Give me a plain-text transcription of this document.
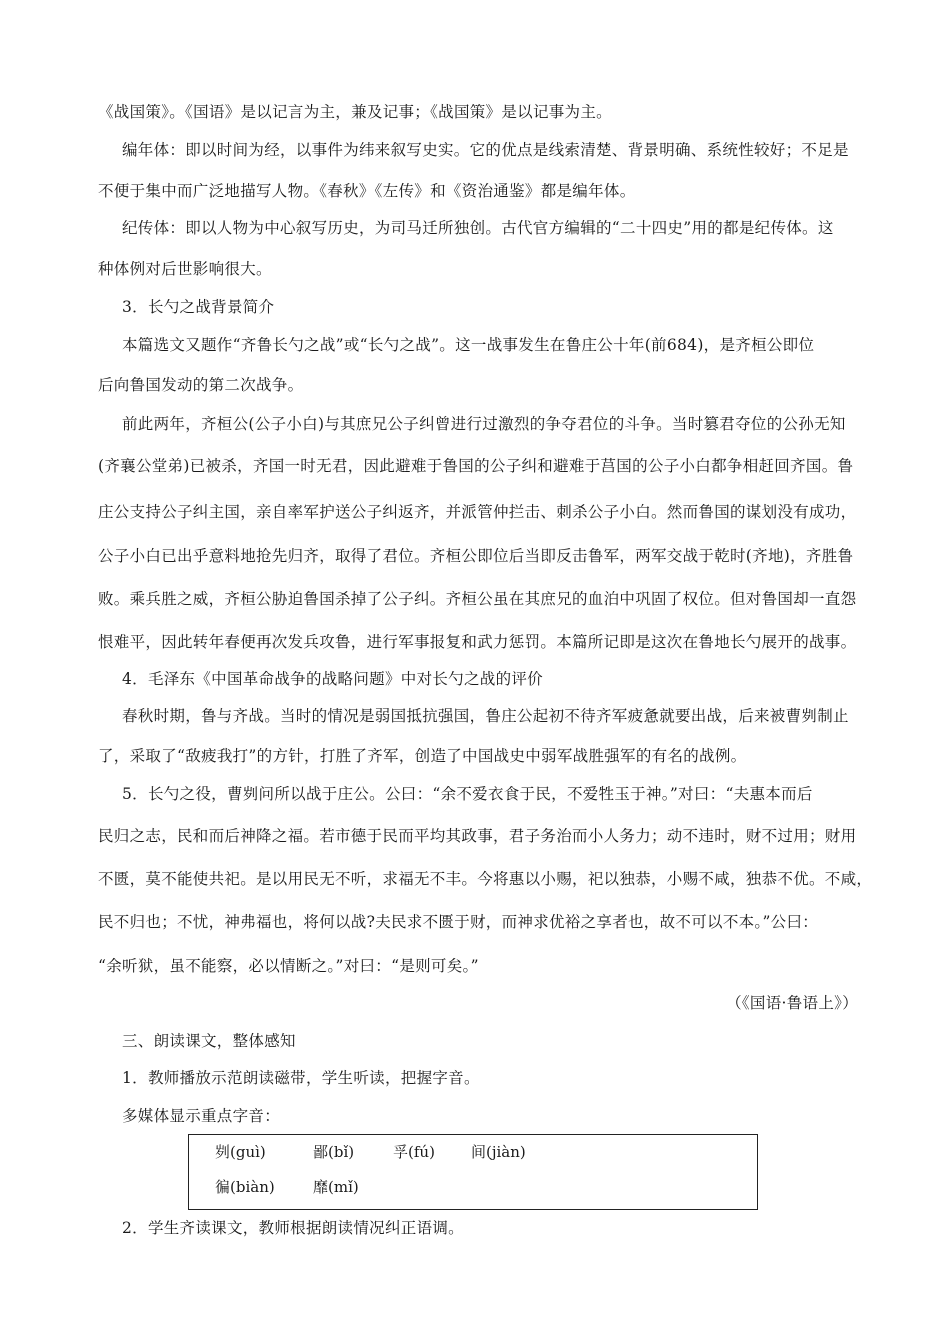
《战国策》。《国语》是以记言为主，兼及记事；《战国策》是以记事为主。
编年体：即以时间为经，以事件为纬来叙写史实。它的优点是线索清楚、背景明确、系统性较好；不足是
不便于集中而广泛地描写人物。《春秋》《左传》和《资治通鉴》都是编年体。
纪传体：即以人物为中心叙写历史，为司马迁所独创。古代官方编辑的“二十四史”用的都是纪传体。这
种体例对后世影响很大。
3．长勺之战背景简介
本篇选文又题作“齐鲁长勺之战”或“长勺之战”。这一战事发生在鲁庄公十年(前684)，是齐桓公即位
后向鲁国发动的第二次战争。
前此两年，齐桓公(公子小白)与其庶兄公子纠曾进行过激烈的争夺君位的斗争。当时篡君夺位的公孙无知
(齐襄公堂弟)已被杀，齐国一时无君，因此避难于鲁国的公子纠和避难于莒国的公子小白都争相赶回齐国。鲁
庄公支持公子纠主国，亲自率军护送公子纠返齐，并派管仲拦击、刺杀公子小白。然而鲁国的谋划没有成功，
公子小白已出乎意料地抢先归齐，取得了君位。齐桓公即位后当即反击鲁军，两军交战于乾时(齐地)，齐胜鲁
败。乘兵胜之威，齐桓公胁迫鲁国杀掉了公子纠。齐桓公虽在其庶兄的血泊中巩固了权位。但对鲁国却一直怨
恨难平，因此转年春便再次发兵攻鲁，进行军事报复和武力惩罚。本篇所记即是这次在鲁地长勺展开的战事。
4．毛泽东《中国革命战争的战略问题》中对长勺之战的评价
春秋时期，鲁与齐战。当时的情况是弱国抵抗强国，鲁庄公起初不待齐军疲惫就要出战，后来被曹刿制止
了，采取了“敌疲我打”的方针，打胜了齐军，创造了中国战史中弱军战胜强军的有名的战例。
5．长勺之役，曹刿问所以战于庄公。公曰：“余不爱衣食于民，不爱牲玉于神。”对曰：“夫惠本而后
民归之志，民和而后神降之福。若市德于民而平均其政事，君子务治而小人务力；动不违时，财不过用；财用
不匮，莫不能使共祀。是以用民无不听，求福无不丰。今将惠以小赐，祀以独恭，小赐不咸，独恭不优。不咸，
民不归也；不忧，神弗福也，将何以战?夫民求不匮于财，而神求优裕之享者也，故不可以不本。”公曰：
“余听狱，虽不能察，必以情断之。”对曰：“是则可矣。”
（《国语·鲁语上》）
三、朗读课文，整体感知
1．教师播放示范朗读磁带，学生听读，把握字音。
多媒体显示重点字音：
刿(guì)	鄙(bǐ)	孚(fú) 间(jiàn)
徧(biàn)	靡(mǐ)
2．学生齐读课文，教师根据朗读情况纠正语调。
